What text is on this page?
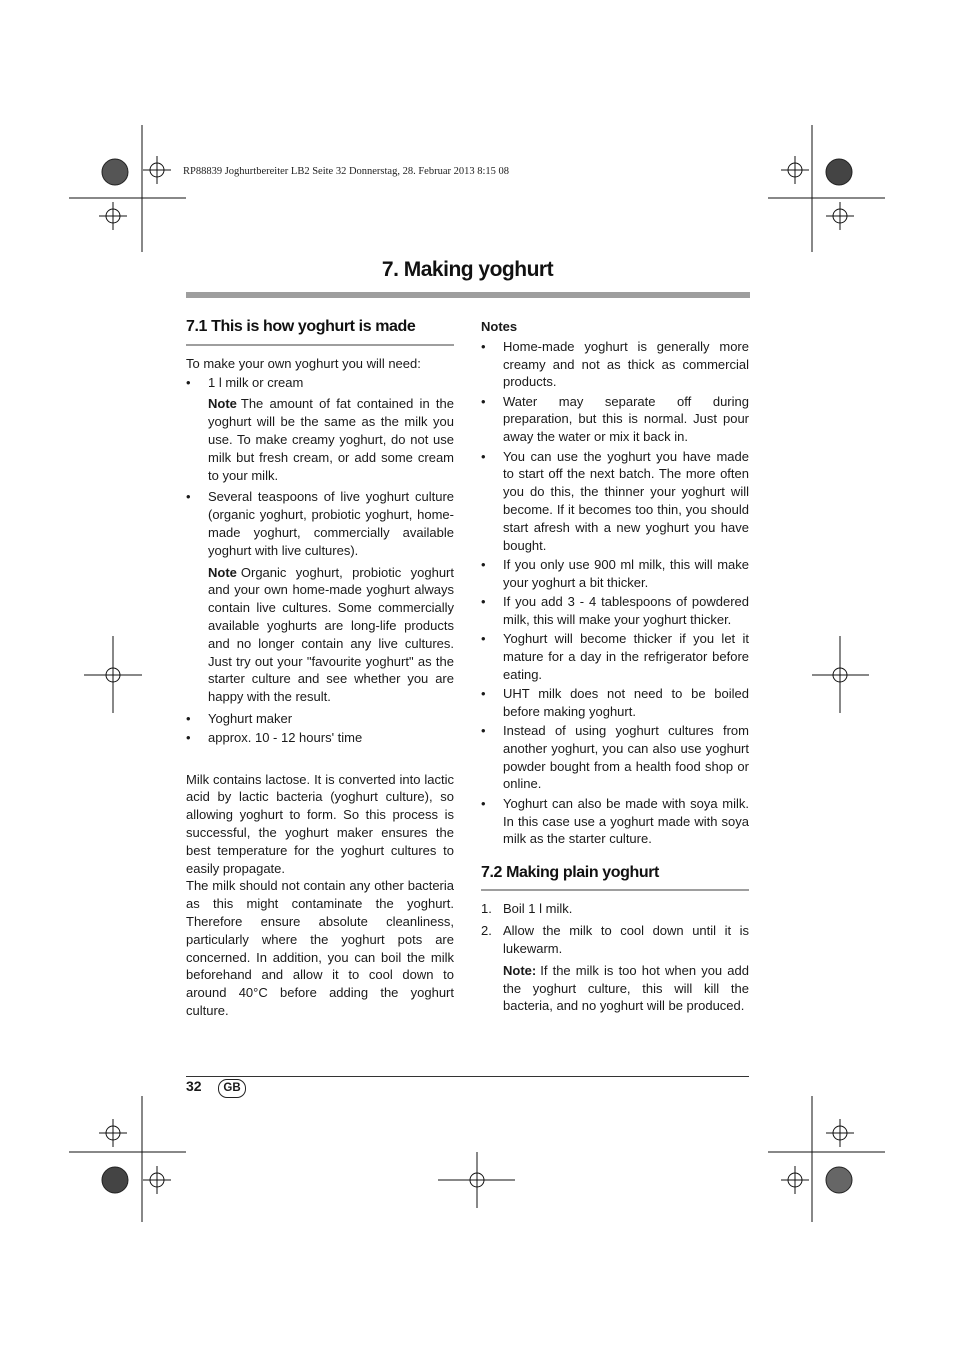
RP88839 Joghurtbereiter LB2 Seite 32 Donnerstag, 28. Februar 2013 8:15 08
7. Making yoghurt
7.1 This is how yoghurt is made

To make your own yoghurt you will need:

• 1 l milk or cream
Note The amount of fat contained in the yoghurt will be the same as the milk you use. To make creamy yoghurt, do not use milk but fresh cream, or add some cream to your milk.
• Several teaspoons of live yoghurt culture (organic yoghurt, probiotic yoghurt, home-made yoghurt, commercially available yoghurt with live cultures).
Note Organic yoghurt, probiotic yoghurt and your own home-made yoghurt always contain live cultures. Some commercially available yoghurts are long-life products and no longer contain any live cultures. Just try out your "favourite yoghurt" as the starter culture and see whether you are happy with the result.
• Yoghurt maker
• approx. 10 - 12 hours' time

Milk contains lactose. It is converted into lactic acid by lactic bacteria (yoghurt culture), so allowing yoghurt to form. So this process is successful, the yoghurt maker ensures the best temperature for the yoghurt cultures to easily propagate.

The milk should not contain any other bacteria as this might contaminate the yoghurt. Therefore ensure absolute cleanliness, particularly where the yoghurt pots are concerned. In addition, you can boil the milk beforehand and allow it to cool down to around 40°C before adding the yoghurt culture.

Notes
• Home-made yoghurt is generally more creamy and not as thick as commercial products.
• Water may separate off during preparation, but this is normal. Just pour away the water or mix it back in.
• You can use the yoghurt you have made to start off the next batch. The more often you do this, the thinner your yoghurt will become. If it becomes too thin, you should start afresh with a new yoghurt you have bought.
• If you only use 900 ml milk, this will make your yoghurt a bit thicker.
• If you add 3 - 4 tablespoons of powdered milk, this will make your yoghurt thicker.
• Yoghurt will become thicker if you let it mature for a day in the refrigerator before eating.
• UHT milk does not need to be boiled before making yoghurt.
• Instead of using yoghurt cultures from another yoghurt, you can also use yoghurt powder bought from a health food shop or online.
• Yoghurt can also be made with soya milk. In this case use a yoghurt made with soya milk as the starter culture.
7.2 Making plain yoghurt
1. Boil 1 l milk.
2. Allow the milk to cool down until it is lukewarm.
Note: If the milk is too hot when you add the yoghurt culture, this will kill the bacteria, and no yoghurt will be produced.
32	GB
